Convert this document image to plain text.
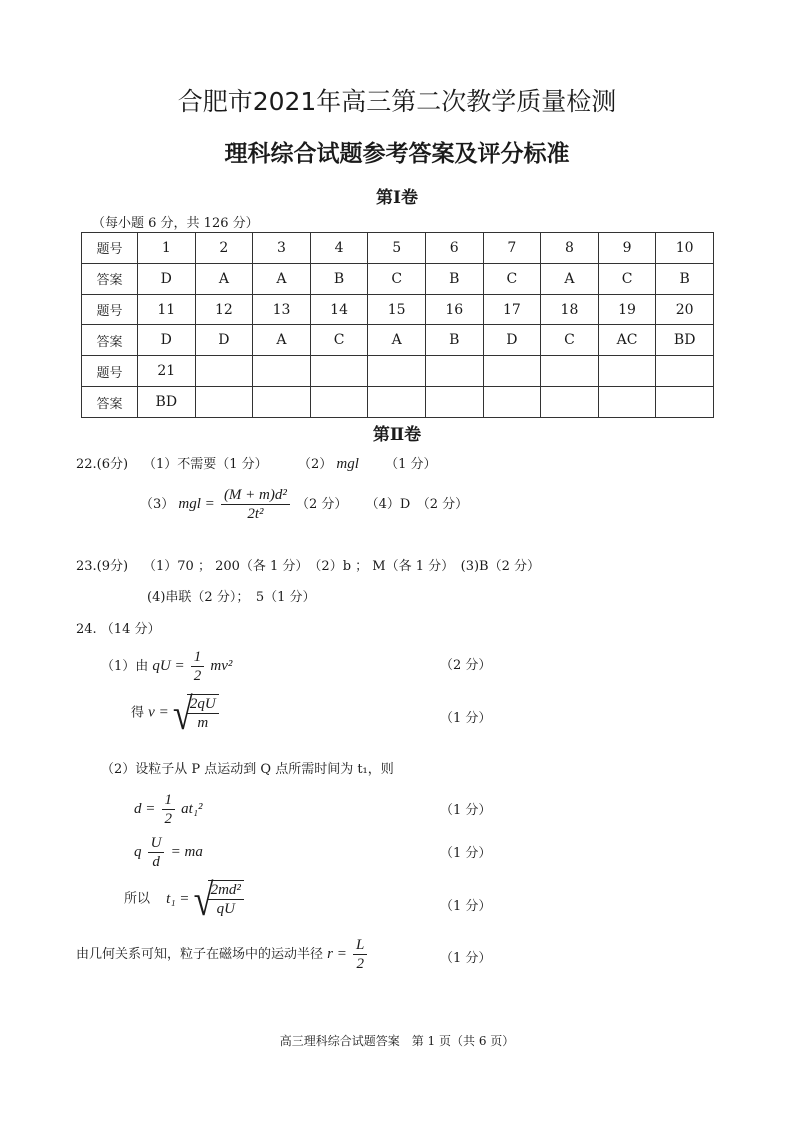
合肥市2021年高三第二次教学质量检测
理科综合试题参考答案及评分标准
第Ⅰ卷
（每小题 6 分，共 126 分）
题号	1	2	3	4	5	6	7	8	9	10
答案	D	A	A	B	C	B	C	A	C	B
题号	11	12	13	14	15	16	17	18	19	20
答案	D	D	A	C	A	B	D	C	AC	BD
题号	21									
答案	BD									
第Ⅱ卷
22.(6分) （1）不需要（1 分） （2） mgl （1 分）
（3） mgl = $\frac{\text{(M + m)d²}}{\text{2t²}} (2$ 分） （4）D　（2 分）
23.(9分) （1）70 ； 200（各 1 分）　（2）b ； M（各 1 分）　(3)B（2 分）
(4)串联（2 分）；　5（1 分）
24. （14 分）
（1）由 qU = $\frac{1}{2} mv^2$	（2 分）
得 v = √
$\frac{2qU}{m}$	（1 分）
（2）设粒子从 P 点运动到 Q 点所需时间为 t₁，则
$d = \frac{1}{2} at_1^2$	（1 分）
q $\frac{U}{d}$ = ma	（1 分）
所以 t₁ = √
$\frac{\text{2md²}}{qU}$	（1 分）
由几何关系可知，粒子在磁场中的运动半径 $r = \frac{L}{2}$	（1 分）
高三理科综合试题答案　第 1 页（共 6 页）
